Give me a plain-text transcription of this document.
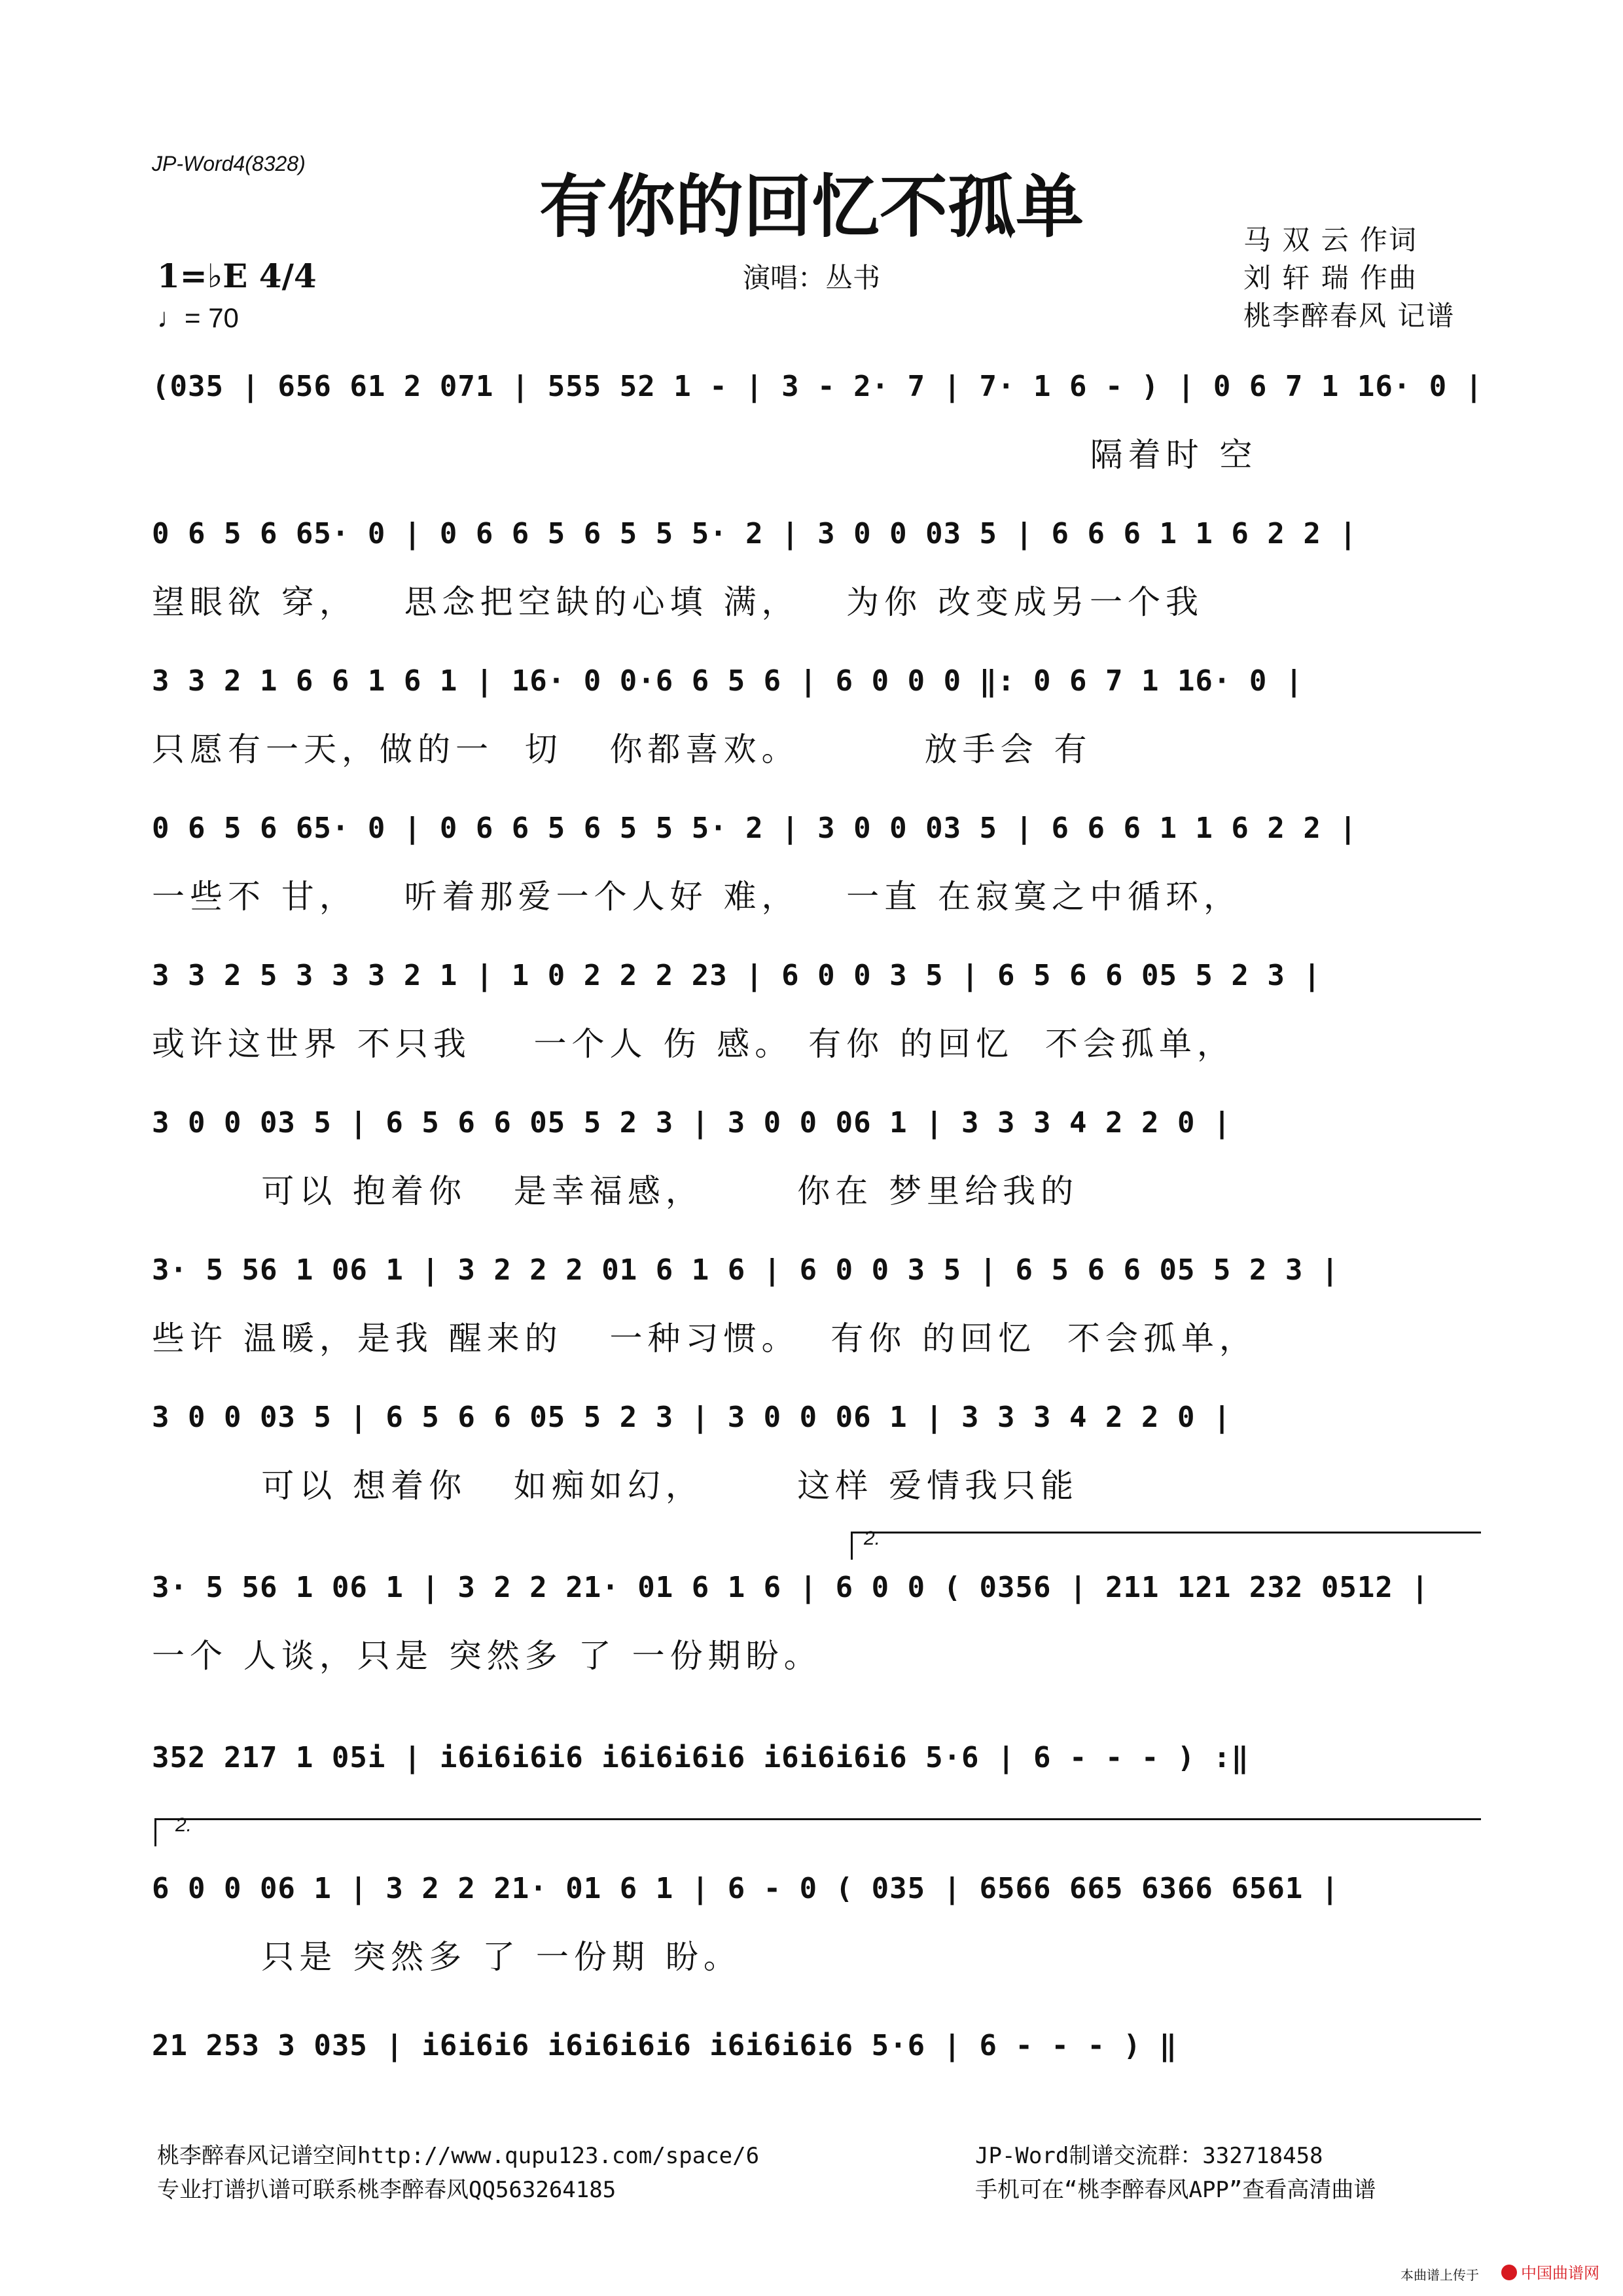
JP-Word4(8328)
有你的回忆不孤单
演唱：丛书
马 双 云 作词
刘 轩 瑞 作曲
桃李醉春风 记谱
1=♭E 4/4
♩= 70
(035 | 656 61 2 071 | 555 52 1 - | 3 - 2· 7 | 7· 1 6 - ) | 0 6 7 1 16· 0 |
隔着时 空
0 6 5 6 65· 0 | 0 6 6 5 6 5 5 5· 2 | 3 0 0 03 5 | 6 6 6 1 1 6 2 2 |
望眼欲 穿，   思念把空缺的心填 满，   为你 改变成另一个我
3 3 2 1 6 6 1 6 1 | 16· 0 0·6 6 5 6 | 6 0 0 0 ‖: 0 6 7 1 16· 0 |
只愿有一天，做的一  切   你都喜欢。        放手会 有
0 6 5 6 65· 0 | 0 6 6 5 6 5 5 5· 2 | 3 0 0 03 5 | 6 6 6 1 1 6 2 2 |
一些不 甘，   听着那爱一个人好 难，   一直 在寂寞之中循环，
3 3 2 5 3 3 3 2 1 | 1 0 2 2 2 23 | 6 0 0 3 5 | 6 5 6 6 05 5 2 3 |
或许这世界 不只我    一个人 伤 感。 有你 的回忆  不会孤单，
3 0 0 03 5 | 6 5 6 6 05 5 2 3 | 3 0 0 06 1 | 3 3 3 4 2 2 0 |
可以 抱着你   是幸福感，      你在 梦里给我的
3· 5 56 1 06 1 | 3 2 2 2 01 6 1 6 | 6 0 0 3 5 | 6 5 6 6 05 5 2 3 |
些许 温暖，是我 醒来的   一种习惯。  有你 的回忆  不会孤单，
3 0 0 03 5 | 6 5 6 6 05 5 2 3 | 3 0 0 06 1 | 3 3 3 4 2 2 0 |
可以 想着你   如痴如幻，      这样 爱情我只能
3· 5 56 1 06 1 | 3 2 2 21· 01 6 1 6 | 6 0 0 ( 0356 | 211 121 232 0512 |
一个 人谈，只是 突然多 了 一份期盼。
352 217 1 05i | i6i6i6i6 i6i6i6i6 i6i6i6i6 5·6 | 6 - - - ) :‖
6 0 0 06 1 | 3 2 2 21· 01 6 1 | 6 - 0 ( 035 | 6566 665 6366 6561 |
只是 突然多 了 一份期 盼。
21 253 3 035 | i6i6i6 i6i6i6i6 i6i6i6i6 5·6 | 6 - - - ) ‖
2.
2.
桃李醉春风记谱空间http://www.qupu123.com/space/6
专业打谱扒谱可联系桃李醉春风QQ563264185
JP-Word制谱交流群：332718458
手机可在“桃李醉春风APP”查看高清曲谱
本曲谱上传于	中国曲谱网
